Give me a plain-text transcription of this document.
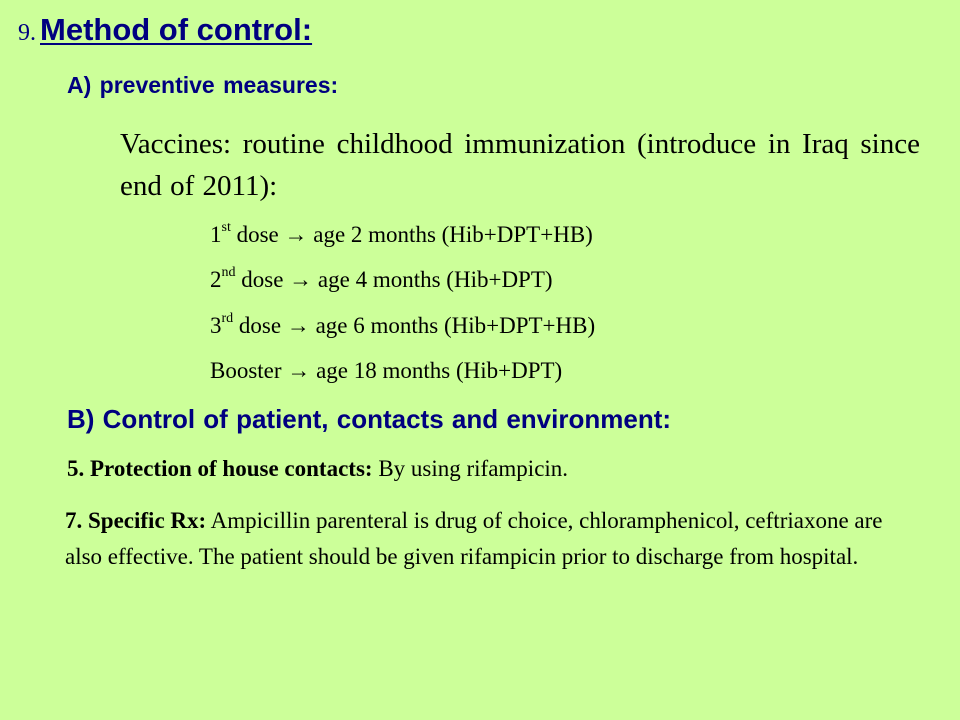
9. Method of control:
A) preventive measures:
Vaccines: routine childhood immunization (introduce in Iraq since end of 2011):
1st dose → age 2 months (Hib+DPT+HB)
2nd dose → age 4 months (Hib+DPT)
3rd dose → age 6 months (Hib+DPT+HB)
Booster → age 18 months (Hib+DPT)
B) Control of patient, contacts and environment:
5. Protection of house contacts: By using rifampicin.
7. Specific Rx: Ampicillin parenteral is drug of choice, chloramphenicol, ceftriaxone are also effective. The patient should be given rifampicin prior to discharge from hospital.
